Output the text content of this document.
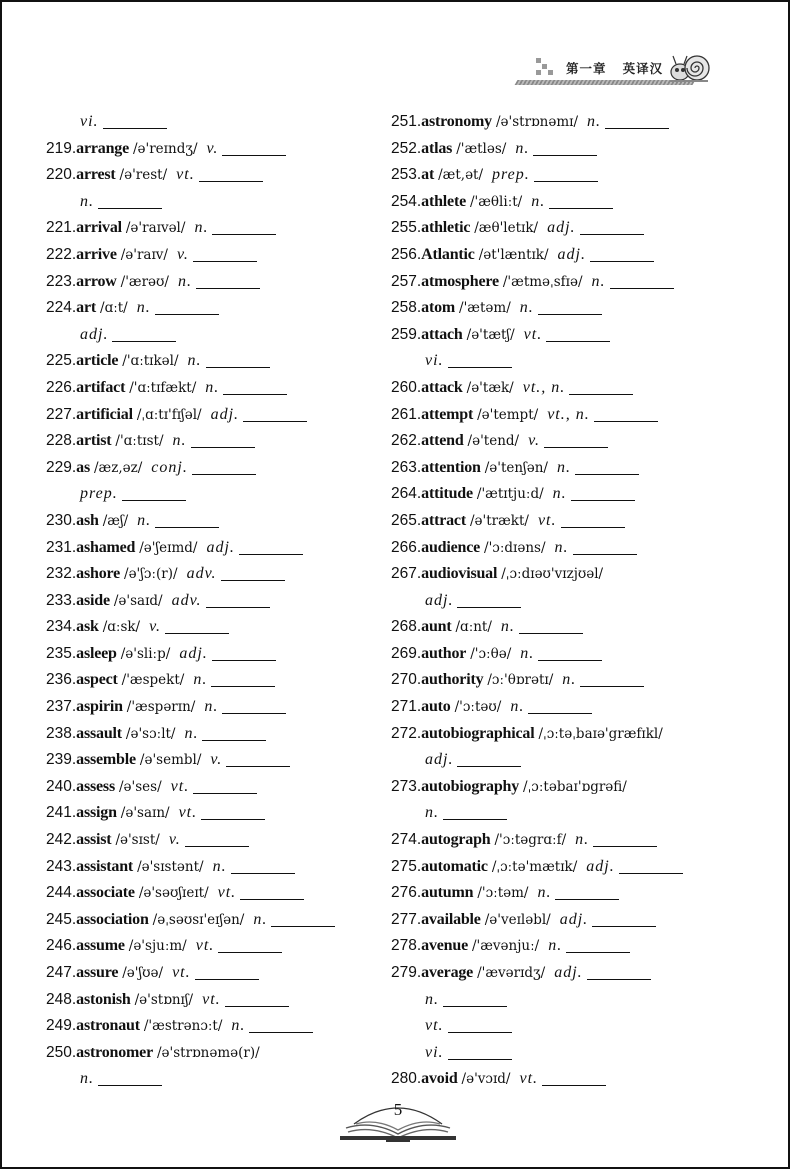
第一章 英译汉
vi.
219.arrange /ə'reɪndʒ/ v.
220.arrest /ə'rest/ vt.
n.
221.arrival /ə'raɪvəl/ n.
222.arrive /ə'raɪv/ v.
223.arrow /'ærəʊ/ n.
224.art /ɑːt/ n.
adj.
225.article /'ɑːtɪkəl/ n.
226.artifact /'ɑːtɪfækt/ n.
227.artificial /ˌɑːtɪ'fɪʃəl/ adj.
228.artist /'ɑːtɪst/ n.
229.as /æz,əz/ conj.
prep.
230.ash /æʃ/ n.
231.ashamed /ə'ʃeɪmd/ adj.
232.ashore /ə'ʃɔː(r)/ adv.
233.aside /ə'saɪd/ adv.
234.ask /ɑːsk/ v.
235.asleep /ə'sliːp/ adj.
236.aspect /'æspekt/ n.
237.aspirin /'æspərɪn/ n.
238.assault /ə'sɔːlt/ n.
239.assemble /ə'sembl/ v.
240.assess /ə'ses/ vt.
241.assign /ə'saɪn/ vt.
242.assist /ə'sɪst/ v.
243.assistant /ə'sɪstənt/ n.
244.associate /ə'səʊʃɪeɪt/ vt.
245.association /əˌsəʊsɪ'eɪʃən/ n.
246.assume /ə'sjuːm/ vt.
247.assure /ə'ʃʊə/ vt.
248.astonish /ə'stɒnɪʃ/ vt.
249.astronaut /'æstrənɔːt/ n.
250.astronomer /ə'strɒnəmə(r)/
n.
251.astronomy /ə'strɒnəmɪ/ n.
252.atlas /'ætləs/ n.
253.at /æt,ət/ prep.
254.athlete /'æθliːt/ n.
255.athletic /æθ'letɪk/ adj.
256.Atlantic /ət'læntɪk/ adj.
257.atmosphere /'ætməˌsfɪə/ n.
258.atom /'ætəm/ n.
259.attach /ə'tætʃ/ vt.
vi.
260.attack /ə'tæk/ vt., n.
261.attempt /ə'tempt/ vt., n.
262.attend /ə'tend/ v.
263.attention /ə'tenʃən/ n.
264.attitude /'ætɪtjuːd/ n.
265.attract /ə'trækt/ vt.
266.audience /'ɔːdɪəns/ n.
267.audiovisual /ˌɔːdɪəʊ'vɪzjʊəl/
adj.
268.aunt /ɑːnt/ n.
269.author /'ɔːθə/ n.
270.authority /ɔː'θɒrətɪ/ n.
271.auto /'ɔːtəʊ/ n.
272.autobiographical /ˌɔːtəˌbaɪə'græfɪkl/
adj.
273.autobiography /ˌɔːtəbaɪ'ɒgrəfi/
n.
274.autograph /'ɔːtəgrɑːf/ n.
275.automatic /ˌɔːtə'mætɪk/ adj.
276.autumn /'ɔːtəm/ n.
277.available /ə'veɪləbl/ adj.
278.avenue /'ævənjuː/ n.
279.average /'ævərɪdʒ/ adj.
n.
vt.
vi.
280.avoid /ə'vɔɪd/ vt.
5
